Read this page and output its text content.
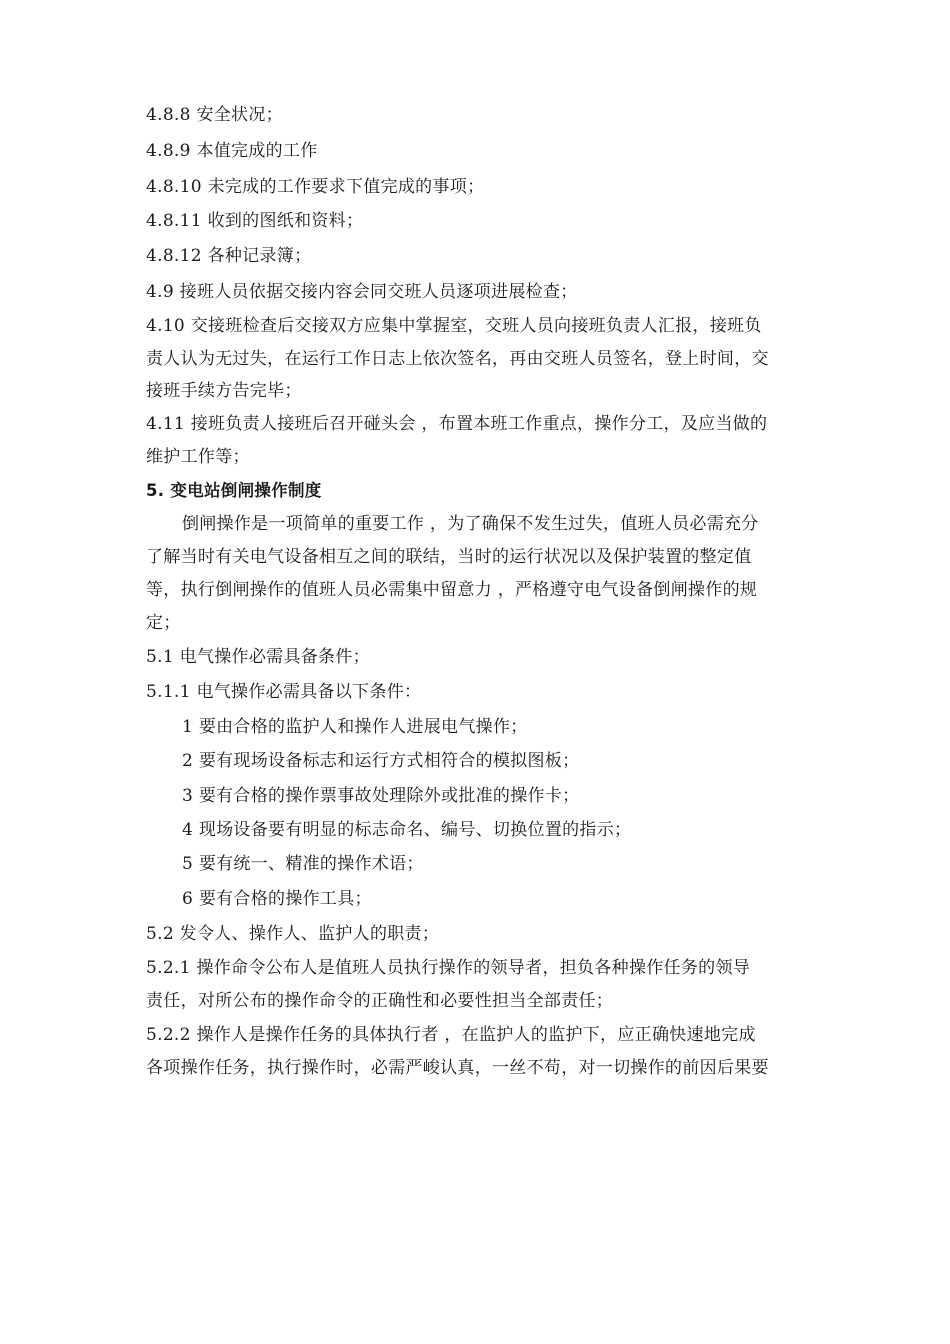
4.8.8 安全状况；
4.8.9 本值完成的工作
4.8.10 未完成的工作要求下值完成的事项；
4.8.11 收到的图纸和资料；
4.8.12 各种记录簿；
4.9 接班人员依据交接内容会同交班人员逐项进展检查；
4.10 交接班检查后交接双方应集中掌握室，交班人员向接班负责人汇报，接班负
责人认为无过失，在运行工作日志上依次签名，再由交班人员签名，登上时间，交
接班手续方告完毕；
4.11 接班负责人接班后召开碰头会 ，布置本班工作重点，操作分工，及应当做的
维护工作等；
5. 变电站倒闸操作制度
倒闸操作是一项简单的重要工作 ，为了确保不发生过失，值班人员必需充分
了解当时有关电气设备相互之间的联结，当时的运行状况以及保护装置的整定值
等，执行倒闸操作的值班人员必需集中留意力 ，严格遵守电气设备倒闸操作的规
定；
5.1 电气操作必需具备条件；
5.1.1 电气操作必需具备以下条件：
1 要由合格的监护人和操作人进展电气操作；
2 要有现场设备标志和运行方式相符合的模拟图板；
3 要有合格的操作票事故处理除外或批准的操作卡；
4 现场设备要有明显的标志命名、编号、切换位置的指示；
5 要有统一、精准的操作术语；
6 要有合格的操作工具；
5.2 发令人、操作人、监护人的职责；
5.2.1 操作命令公布人是值班人员执行操作的领导者，担负各种操作任务的领导
责任，对所公布的操作命令的正确性和必要性担当全部责任；
5.2.2 操作人是操作任务的具体执行者 ，在监护人的监护下，应正确快速地完成
各项操作任务，执行操作时，必需严峻认真，一丝不苟，对一切操作的前因后果要
